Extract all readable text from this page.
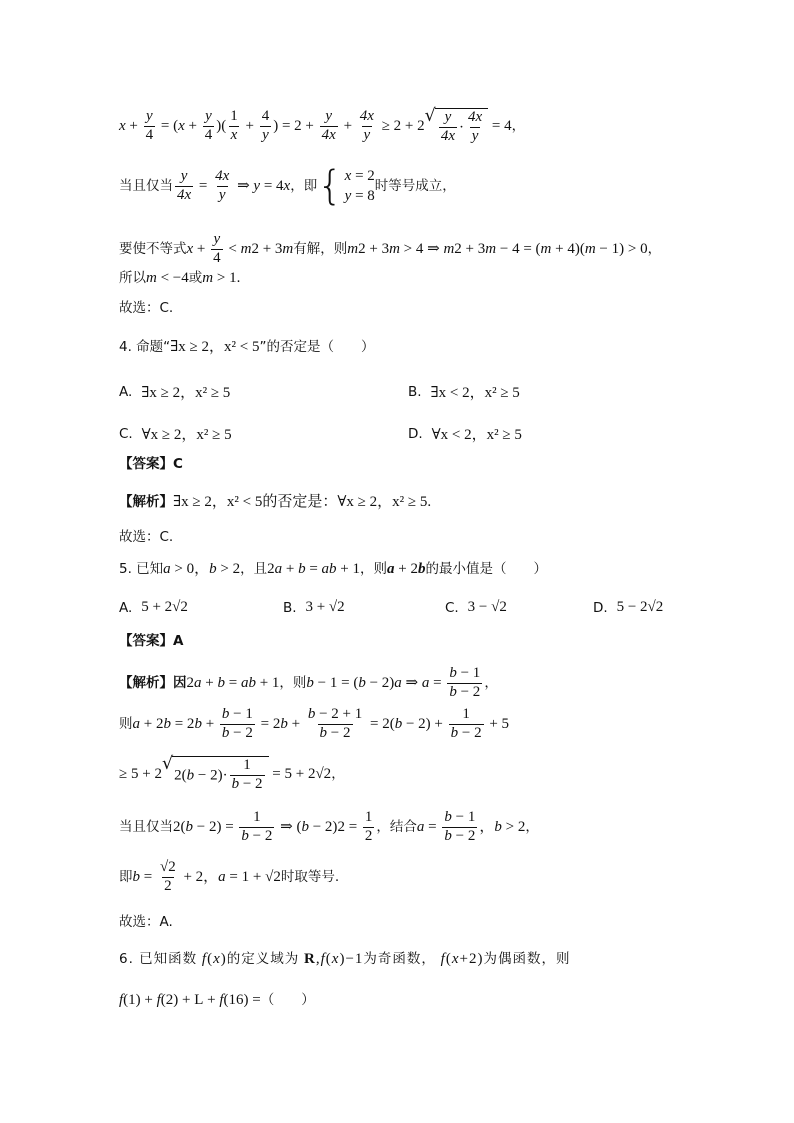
$x + \frac{y}{4}$ = ( $x + \frac{y}{4}$ )( $\frac{1}{x} + \frac{4}{y}$ ) = $2 + \frac{y}{4x} + \frac{4x}{y} \ge 2 + 2$ √ $\frac{y}{4x} \cdot \frac{4x}{y} = 4$ ，
当且仅当 $\frac{y}{4x} = \frac{4x}{y}$ ⇒ y = 4 x ，即 { x = 2
y = 8
时等号成立，
要使不等式 $x + \frac{y}{4} < m$ 2 + 3 m 有解，则 m 2 + 3 m > 4 ⇒ m 2 + 3 m − 4 = ( m + 4)( m − 1) > 0 ，
所以 m < −4 或 m > 1.
故选：C.
4. 命题“ ∃x ≥ 2，x² < 5 ”的否定是（　　）
A.
∃x ≥ 2，x² ≥ 5	B.
∃x < 2，x² ≥ 5
C.
∀x ≥ 2，x² ≥ 5	D.
∀x < 2，x² ≥ 5
【答案】C
【解析】 ∃x ≥ 2，x² < 5的否定是：∀x ≥ 2，x² ≥ 5.
故选：C.
5. 已知 a > 0， b > 2 ，且 2 a + b = ab + 1 ，则 a + 2 b 的最小值是（　　）
A.
5 + 2√2	B.
3 + √2	C.
3 − √2	D.
5 − 2√2
【答案】A
【解析】因 2 a + b = ab + 1 ，则 b − 1 = ( b − 2) a ⇒ $a = \frac{b - 1}{b - 2}$ ，
则 a + 2 b = 2 $b + \frac{b - 1}{b - 2} = 2$ $b + \frac{b - 2 + 1}{b - 2} = 2$( $b - 2) + \frac{1}{b - 2} + 5$
≥ 5 + 2 √
$2(b - 2)\cdot \frac{1}{b - 2} = 5 + 2√2$ ，
当且仅当 2( $b - 2) = \frac{1}{b - 2}$ ⇒ ( b − 2) $2 = \frac{1}{2}$ ，结合 $a = \frac{b - 1}{b - 2}$ ， b > 2 ，
即 $b = \frac{√2}{2} + 2$， a = 1 + √2 时取等号.
故选：A.
6. 已知函数 f ( x ) 的定义域为 R , f ( x )−1 为奇函数， f ( x +2) 为偶函数，则
f (1) + f (2) + L + f (16) = （　　）
